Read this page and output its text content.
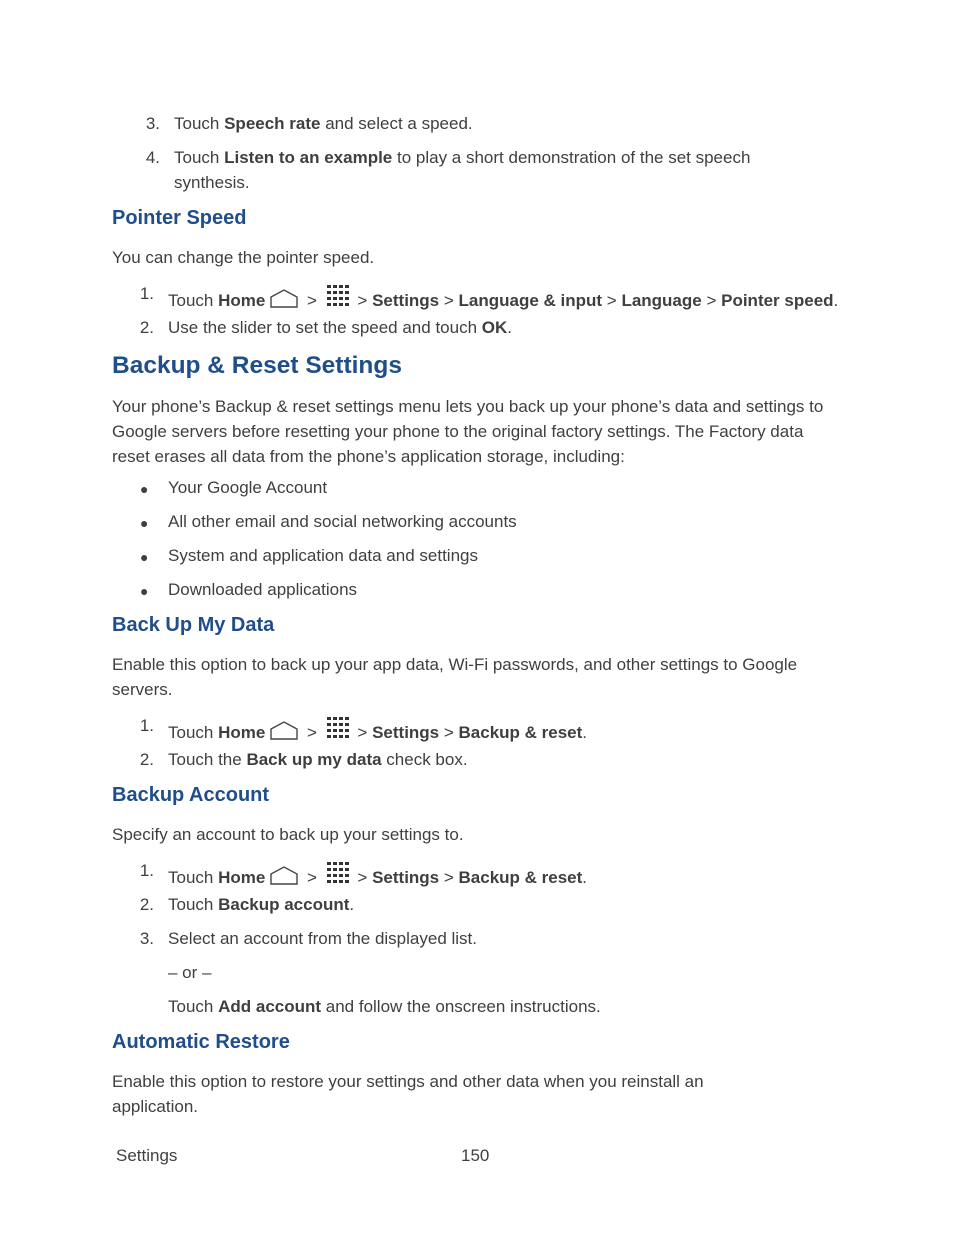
3. Touch Speech rate and select a speed.
4. Touch Listen to an example to play a short demonstration of the set speech
synthesis.
Pointer Speed
You can change the pointer speed.
1. Touch Home >  > Settings > Language & input > Language > Pointer speed.
2. Use the slider to set the speed and touch OK.
Backup & Reset Settings
Your phone’s Backup & reset settings menu lets you back up your phone’s data and settings to Google servers before resetting your phone to the original factory settings. The Factory data reset erases all data from the phone’s application storage, including:
● Your Google Account
● All other email and social networking accounts
● System and application data and settings
● Downloaded applications
Back Up My Data
Enable this option to back up your app data, Wi-Fi passwords, and other settings to Google servers.
1. Touch Home >  > Settings > Backup & reset.
2. Touch the Back up my data check box.
Backup Account
Specify an account to back up your settings to.
1. Touch Home >  > Settings > Backup & reset.
2. Touch Backup account.
3. Select an account from the displayed list.
– or –
Touch Add account and follow the onscreen instructions.
Automatic Restore
Enable this option to restore your settings and other data when you reinstall an application.
Settings	150
